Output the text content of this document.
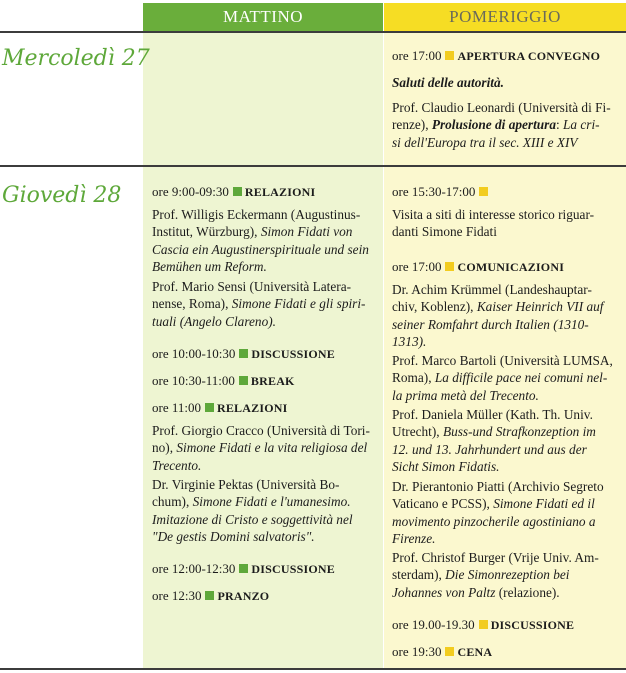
MATTINO	POMERIGGIO
Mercoledì 27
Giovedì 28
ore 17:00 APERTURA CONVEGNO
Saluti delle autorità.
Prof. Claudio Leonardi (Università di Fi-
renze), Prolusione di apertura: La cri-
si dell'Europa tra il sec. XIII e XIV
ore 9:00-09:30 RELAZIONI
Prof. Willigis Eckermann (Augustinus-
Institut, Würzburg), Simon Fidati von
Cascia ein Augustinerspirituale und sein
Bemühen um Reform.
Prof. Mario Sensi (Università Latera-
nense, Roma), Simone Fidati e gli spiri-
tuali (Angelo Clareno).
ore 10:00-10:30 DISCUSSIONE
ore 10:30-11:00 BREAK
ore 11:00 RELAZIONI
Prof. Giorgio Cracco (Università di Tori-
no), Simone Fidati e la vita religiosa del
Trecento.
Dr. Virginie Pektas (Università Bo-
chum), Simone Fidati e l'umanesimo.
Imitazione di Cristo e soggettività nel
"De gestis Domini salvatoris".
ore 12:00-12:30 DISCUSSIONE
ore 12:30 PRANZO
ore 15:30-17:00
Visita a siti di interesse storico riguar-
danti Simone Fidati
ore 17:00 COMUNICAZIONI
Dr. Achim Krümmel (Landeshauptar-
chiv, Koblenz), Kaiser Heinrich VII auf
seiner Romfahrt durch Italien (1310-
1313).
Prof. Marco Bartoli (Università LUMSA,
Roma), La difficile pace nei comuni nel-
la prima metà del Trecento.
Prof. Daniela Müller (Kath. Th. Univ.
Utrecht), Buss-und Strafkonzeption im
12. und 13. Jahrhundert und aus der
Sicht Simon Fidatis.
Dr. Pierantonio Piatti (Archivio Segreto
Vaticano e PCSS), Simone Fidati ed il
movimento pinzocherile agostiniano a
Firenze.
Prof. Christof Burger (Vrije Univ. Am-
sterdam), Die Simonrezeption bei
Johannes von Paltz (relazione).
ore 19.00-19.30 DISCUSSIONE
ore 19:30 CENA
